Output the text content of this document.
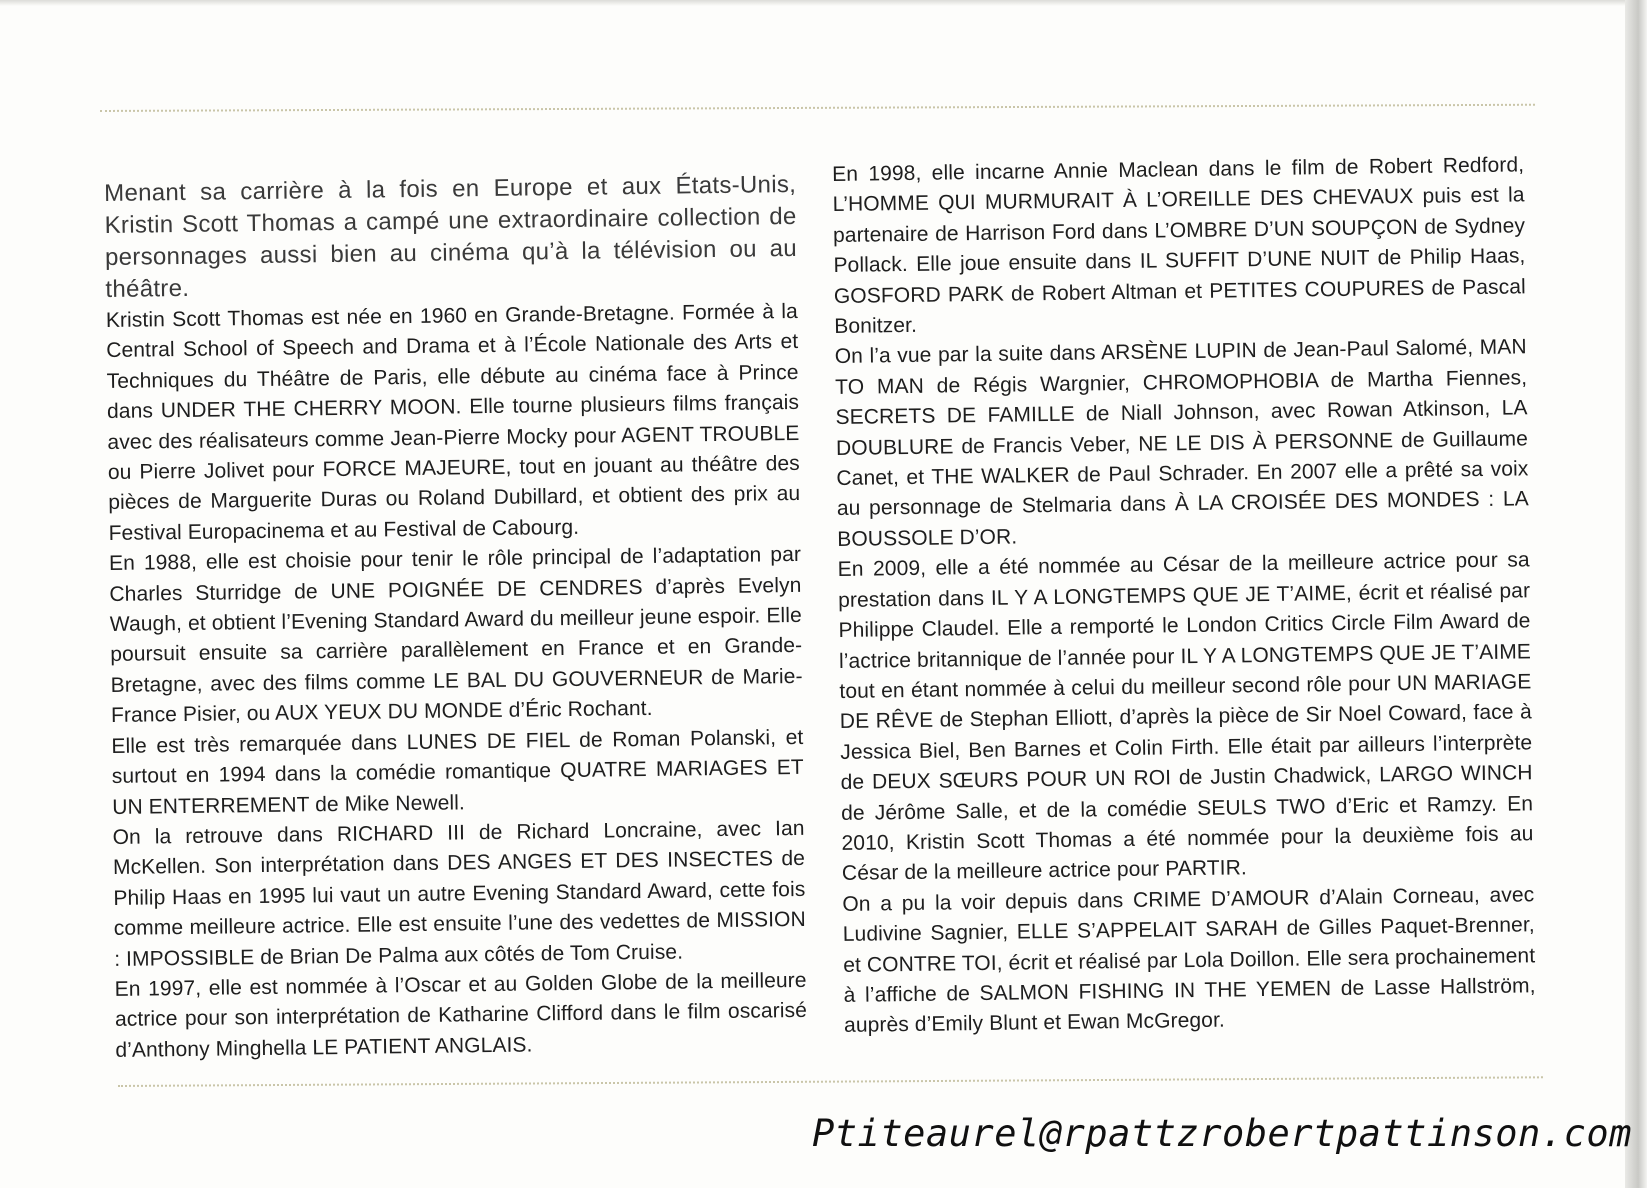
Menant sa carrière à la fois en Europe et aux États-Unis, Kristin Scott Thomas a campé une extraordinaire collection de personnages aussi bien au cinéma qu’à la télévision ou au théâtre.

Kristin Scott Thomas est née en 1960 en Grande-Bretagne. Formée à la Central School of Speech and Drama et à l’École Nationale des Arts et Techniques du Théâtre de Paris, elle débute au cinéma face à Prince dans UNDER THE CHERRY MOON. Elle tourne plusieurs films français avec des réalisateurs comme Jean-Pierre Mocky pour AGENT TROUBLE ou Pierre Jolivet pour FORCE MAJEURE, tout en jouant au théâtre des pièces de Marguerite Duras ou Roland Dubillard, et obtient des prix au Festival Europacinema et au Festival de Cabourg.

En 1988, elle est choisie pour tenir le rôle principal de l’adaptation par Charles Sturridge de UNE POIGNÉE DE CENDRES d’après Evelyn Waugh, et obtient l’Evening Standard Award du meilleur jeune espoir. Elle poursuit ensuite sa carrière parallèlement en France et en Grande-Bretagne, avec des films comme LE BAL DU GOUVERNEUR de Marie-France Pisier, ou AUX YEUX DU MONDE d’Éric Rochant.

Elle est très remarquée dans LUNES DE FIEL de Roman Polanski, et surtout en 1994 dans la comédie romantique QUATRE MARIAGES ET UN ENTERREMENT de Mike Newell.

On la retrouve dans RICHARD III de Richard Loncraine, avec Ian McKellen. Son interprétation dans DES ANGES ET DES INSECTES de Philip Haas en 1995 lui vaut un autre Evening Standard Award, cette fois comme meilleure actrice. Elle est ensuite l’une des vedettes de MISSION : IMPOSSIBLE de Brian De Palma aux côtés de Tom Cruise.

En 1997, elle est nommée à l’Oscar et au Golden Globe de la meilleure actrice pour son interprétation de Katharine Clifford dans le film oscarisé d’Anthony Minghella LE PATIENT ANGLAIS.

En 1998, elle incarne Annie Maclean dans le film de Robert Redford, L’HOMME QUI MURMURAIT À L’OREILLE DES CHEVAUX puis est la partenaire de Harrison Ford dans L’OMBRE D’UN SOUPÇON de Sydney Pollack. Elle joue ensuite dans IL SUFFIT D’UNE NUIT de Philip Haas, GOSFORD PARK de Robert Altman et PETITES COUPURES de Pascal Bonitzer.

On l’a vue par la suite dans ARSÈNE LUPIN de Jean-Paul Salomé, MAN TO MAN de Régis Wargnier, CHROMOPHOBIA de Martha Fiennes, SECRETS DE FAMILLE de Niall Johnson, avec Rowan Atkinson, LA DOUBLURE de Francis Veber, NE LE DIS À PERSONNE de Guillaume Canet, et THE WALKER de Paul Schrader. En 2007 elle a prêté sa voix au personnage de Stelmaria dans À LA CROISÉE DES MONDES : LA BOUSSOLE D’OR.

En 2009, elle a été nommée au César de la meilleure actrice pour sa prestation dans IL Y A LONGTEMPS QUE JE T’AIME, écrit et réalisé par Philippe Claudel. Elle a remporté le London Critics Circle Film Award de l’actrice britannique de l’année pour IL Y A LONGTEMPS QUE JE T’AIME tout en étant nommée à celui du meilleur second rôle pour UN MARIAGE DE RÊVE de Stephan Elliott, d’après la pièce de Sir Noel Coward, face à Jessica Biel, Ben Barnes et Colin Firth. Elle était par ailleurs l’interprète de DEUX SŒURS POUR UN ROI de Justin Chadwick, LARGO WINCH de Jérôme Salle, et de la comédie SEULS TWO d’Eric et Ramzy. En 2010, Kristin Scott Thomas a été nommée pour la deuxième fois au César de la meilleure actrice pour PARTIR.

On a pu la voir depuis dans CRIME D’AMOUR d’Alain Corneau, avec Ludivine Sagnier, ELLE S’APPELAIT SARAH de Gilles Paquet-Brenner, et CONTRE TOI, écrit et réalisé par Lola Doillon. Elle sera prochainement à l’affiche de SALMON FISHING IN THE YEMEN de Lasse Hallström, auprès d’Emily Blunt et Ewan McGregor.

Ptiteaurel@rpattzrobertpattinson.com
